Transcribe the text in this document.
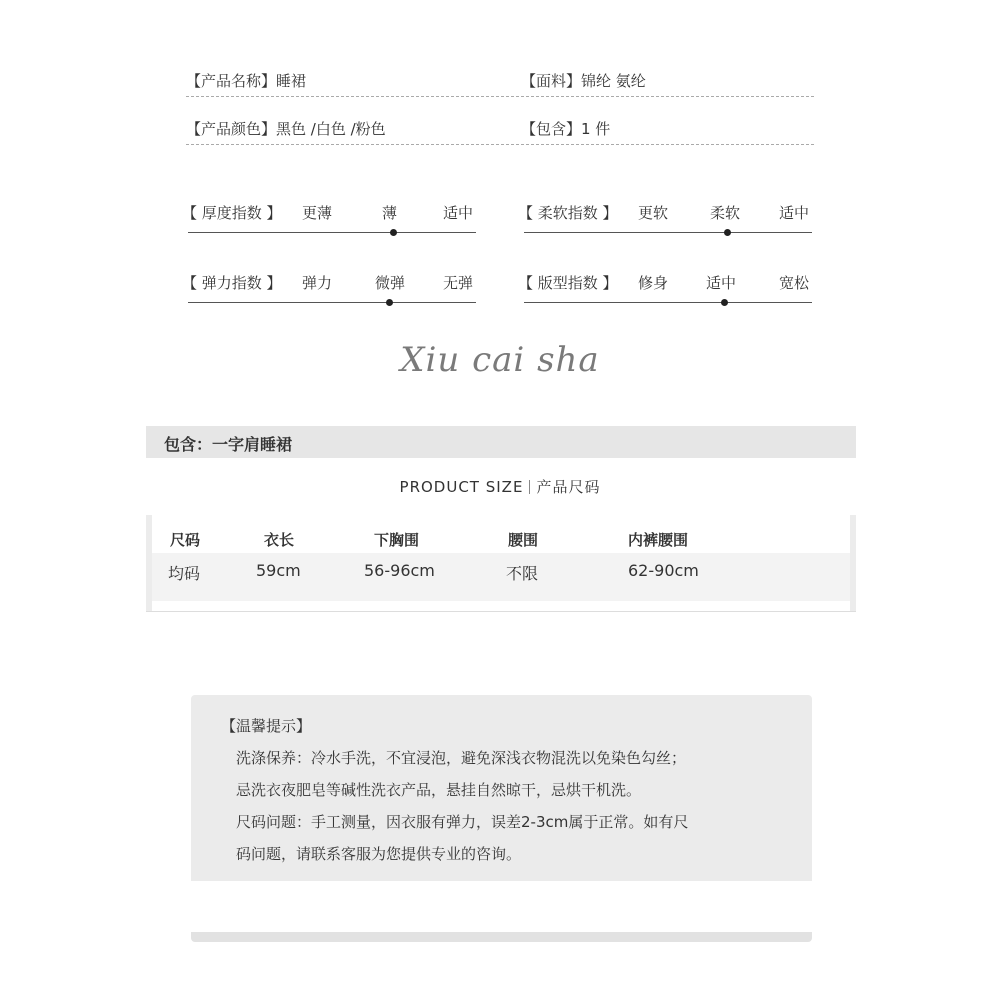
【产品名称】睡裙	【面料】锦纶 氨纶
【产品颜色】黑色 /白色 /粉色	【包含】1 件
【 厚度指数 】 更薄	薄	适中	【 柔软指数 】 更软	柔软	适中
【 弹力指数 】 弹力	微弹	无弹	【 版型指数 】 修身	适中	宽松
Xiu cai sha
包含：一字肩睡裙
PRODUCT SIZE 产品尺码
尺码	衣长	下胸围	腰围	内裤腰围
均码	59cm	56-96cm	不限	62-90cm
【温馨提示】
洗涤保养：冷水手洗，不宜浸泡，避免深浅衣物混洗以免染色勾丝；
忌洗衣夜肥皂等碱性洗衣产品，悬挂自然晾干，忌烘干机洗。
尺码问题：手工测量，因衣服有弹力，误差2-3cm属于正常。如有尺
码问题，请联系客服为您提供专业的咨询。
